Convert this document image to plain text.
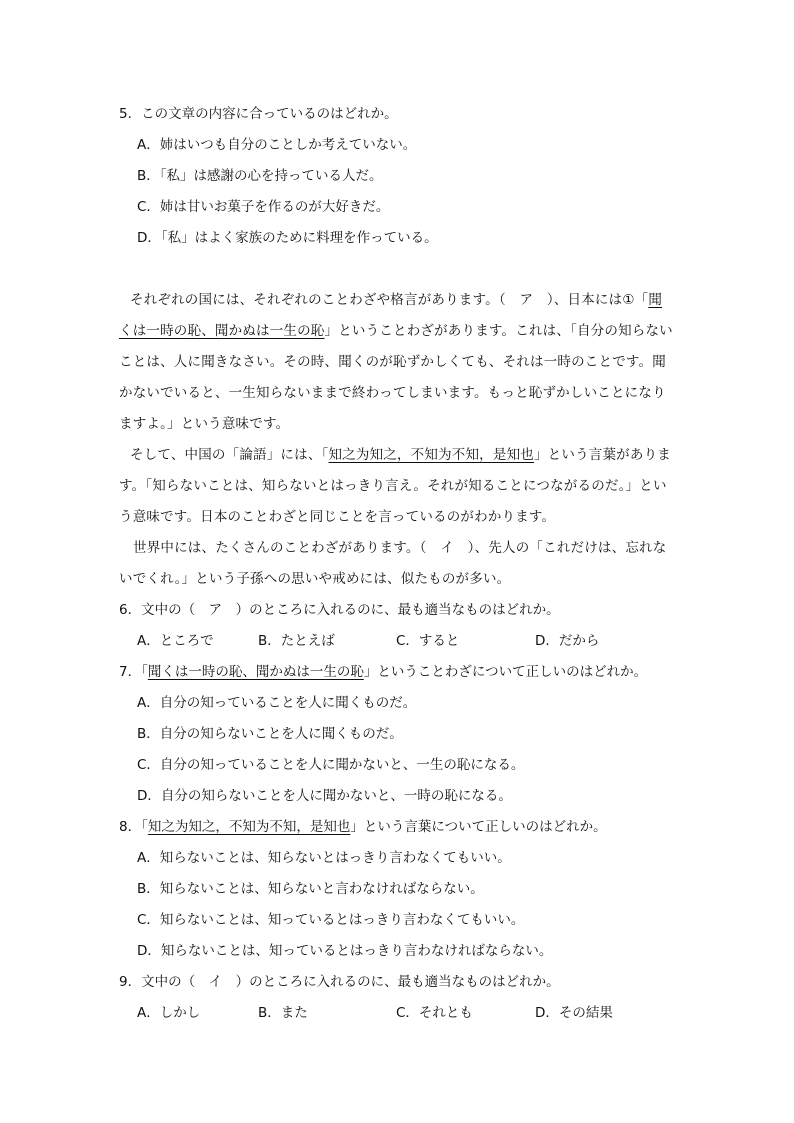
5．この文章の内容に合っているのはどれか。
A．姉はいつも自分のことしか考えていない。
B．「私」は感謝の心を持っている人だ。
C．姉は甘いお菓子を作るのが大好きだ。
D．「私」はよく家族のために料理を作っている。
それぞれの国には、それぞれのことわざや格言があります。（　ア　）、日本には①「聞
くは一時の恥、聞かぬは一生の恥」ということわざがあります。これは、「自分の知らない
ことは、人に聞きなさい。その時、聞くのが恥ずかしくても、それは一時のことです。聞
かないでいると、一生知らないままで終わってしまいます。もっと恥ずかしいことになり
ますよ。」という意味です。
そして、中国の「論語」には、「知之为知之，不知为不知，是知也」という言葉がありま
す。「知らないことは、知らないとはっきり言え。それが知ることにつながるのだ。」とい
う意味です。日本のことわざと同じことを言っているのがわかります。
世界中には、たくさんのことわざがあります。（　イ　）、先人の「これだけは、忘れな
いでくれ。」という子孫への思いや戒めには、似たものが多い。
6．文中の（　ア　）のところに入れるのに、最も適当なものはどれか。
A．ところで	B．たとえば	C．すると	D．だから
7．「聞くは一時の恥、聞かぬは一生の恥」ということわざについて正しいのはどれか。
A．自分の知っていることを人に聞くものだ。
B．自分の知らないことを人に聞くものだ。
C．自分の知っていることを人に聞かないと、一生の恥になる。
D．自分の知らないことを人に聞かないと、一時の恥になる。
8．「知之为知之，不知为不知，是知也」という言葉について正しいのはどれか。
A．知らないことは、知らないとはっきり言わなくてもいい。
B．知らないことは、知らないと言わなければならない。
C．知らないことは、知っているとはっきり言わなくてもいい。
D．知らないことは、知っているとはっきり言わなければならない。
9．文中の（　イ　）のところに入れるのに、最も適当なものはどれか。
A．しかし	B．また	C．それとも	D．その結果
